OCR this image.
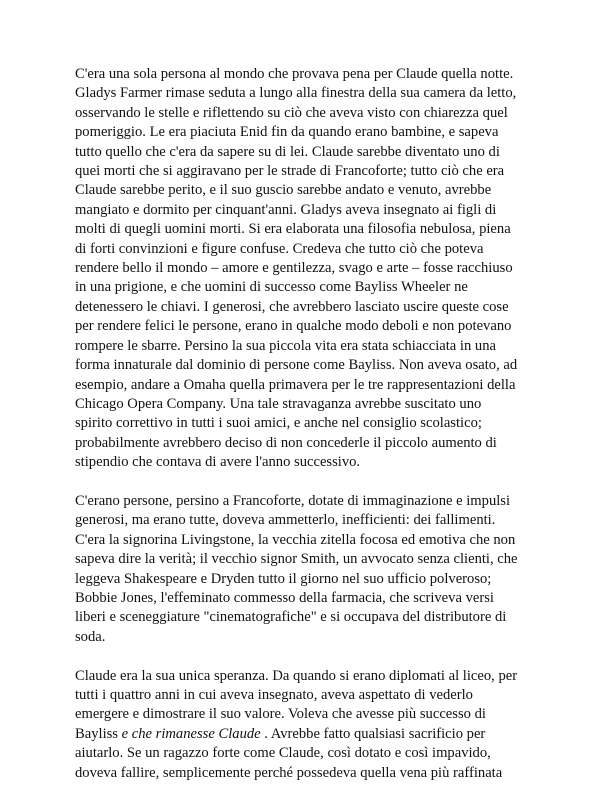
C'era una sola persona al mondo che provava pena per Claude quella notte.
Gladys Farmer rimase seduta a lungo alla finestra della sua camera da letto,
osservando le stelle e riflettendo su ciò che aveva visto con chiarezza quel
pomeriggio. Le era piaciuta Enid fin da quando erano bambine, e sapeva
tutto quello che c'era da sapere su di lei. Claude sarebbe diventato uno di
quei morti che si aggiravano per le strade di Francoforte; tutto ciò che era
Claude sarebbe perito, e il suo guscio sarebbe andato e venuto, avrebbe
mangiato e dormito per cinquant'anni. Gladys aveva insegnato ai figli di
molti di quegli uomini morti. Si era elaborata una filosofia nebulosa, piena
di forti convinzioni e figure confuse. Credeva che tutto ciò che poteva
rendere bello il mondo – amore e gentilezza, svago e arte – fosse racchiuso
in una prigione, e che uomini di successo come Bayliss Wheeler ne
detenessero le chiavi. I generosi, che avrebbero lasciato uscire queste cose
per rendere felici le persone, erano in qualche modo deboli e non potevano
rompere le sbarre. Persino la sua piccola vita era stata schiacciata in una
forma innaturale dal dominio di persone come Bayliss. Non aveva osato, ad
esempio, andare a Omaha quella primavera per le tre rappresentazioni della
Chicago Opera Company. Una tale stravaganza avrebbe suscitato uno
spirito correttivo in tutti i suoi amici, e anche nel consiglio scolastico;
probabilmente avrebbero deciso di non concederle il piccolo aumento di
stipendio che contava di avere l'anno successivo.

C'erano persone, persino a Francoforte, dotate di immaginazione e impulsi
generosi, ma erano tutte, doveva ammetterlo, inefficienti: dei fallimenti.
C'era la signorina Livingstone, la vecchia zitella focosa ed emotiva che non
sapeva dire la verità; il vecchio signor Smith, un avvocato senza clienti, che
leggeva Shakespeare e Dryden tutto il giorno nel suo ufficio polveroso;
Bobbie Jones, l'effeminato commesso della farmacia, che scriveva versi
liberi e sceneggiature "cinematografiche" e si occupava del distributore di
soda.

Claude era la sua unica speranza. Da quando si erano diplomati al liceo, per
tutti i quattro anni in cui aveva insegnato, aveva aspettato di vederlo
emergere e dimostrare il suo valore. Voleva che avesse più successo di
Bayliss e che rimanesse Claude . Avrebbe fatto qualsiasi sacrificio per
aiutarlo. Se un ragazzo forte come Claude, così dotato e così impavido,
doveva fallire, semplicemente perché possedeva quella vena più raffinata
